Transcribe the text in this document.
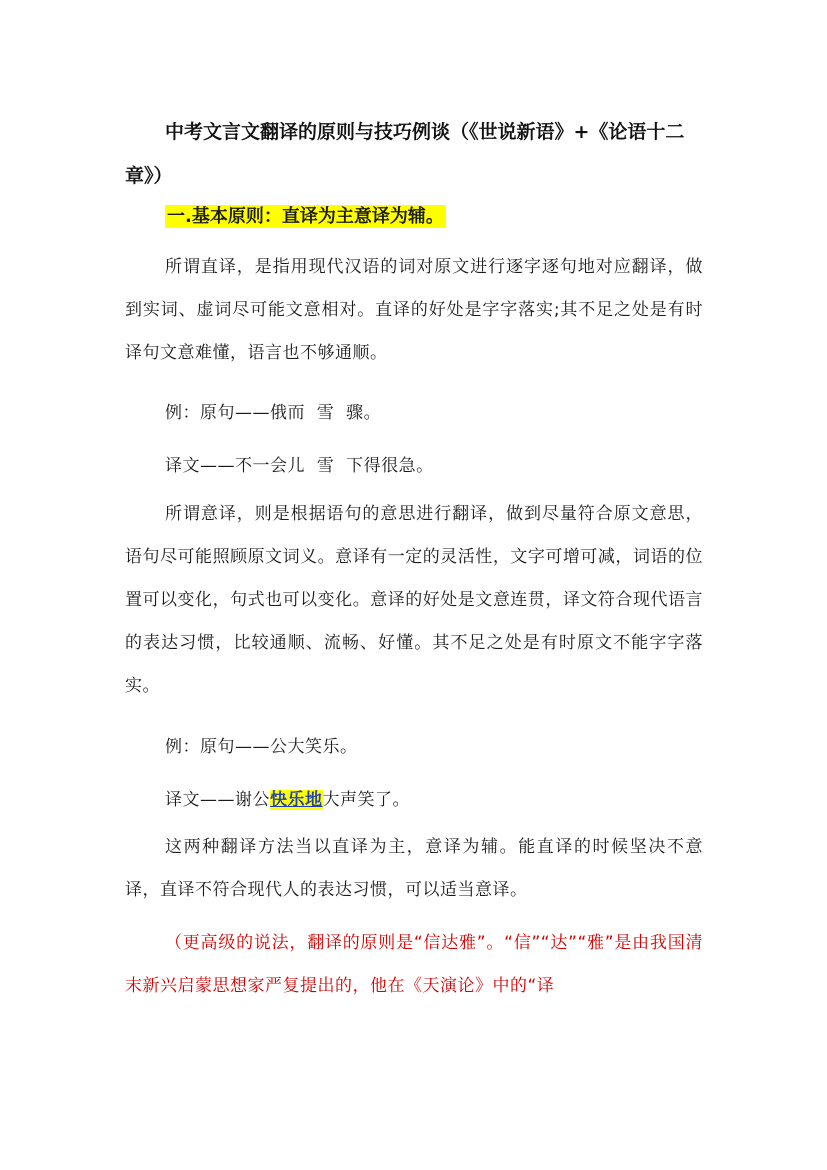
中考文言文翻译的原则与技巧例谈（《世说新语》+《论语十二章》）
一.基本原则：直译为主意译为辅。
所谓直译，是指用现代汉语的词对原文进行逐字逐句地对应翻译，做到实词、虚词尽可能文意相对。直译的好处是字字落实;其不足之处是有时译句文意难懂，语言也不够通顺。
例：原句——俄而  雪  骤。
译文——不一会儿  雪  下得很急。
所谓意译，则是根据语句的意思进行翻译，做到尽量符合原文意思，语句尽可能照顾原文词义。意译有一定的灵活性，文字可增可减，词语的位置可以变化，句式也可以变化。意译的好处是文意连贯，译文符合现代语言的表达习惯，比较通顺、流畅、好懂。其不足之处是有时原文不能字字落实。
例：原句——公大笑乐。
译文——谢公快乐地大声笑了。
这两种翻译方法当以直译为主，意译为辅。能直译的时候坚决不意译，直译不符合现代人的表达习惯，可以适当意译。
（更高级的说法，翻译的原则是“信达雅”。“信”“达”“雅”是由我国清末新兴启蒙思想家严复提出的，他在《天演论》中的“译
